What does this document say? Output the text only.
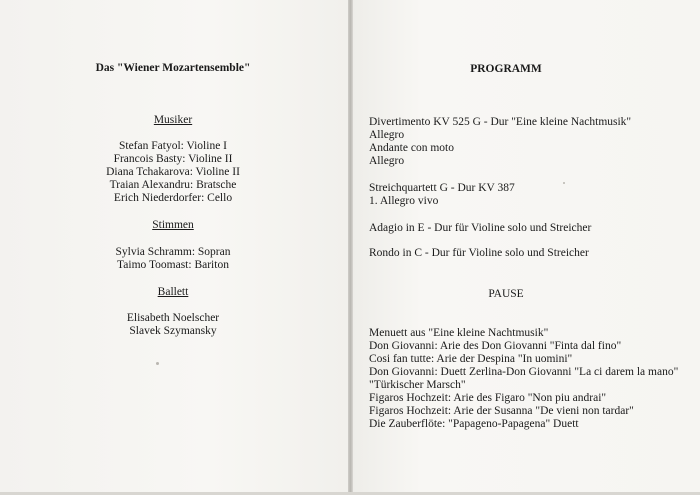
Das "Wiener Mozartensemble"
Musiker
Stefan Fatyol: Violine I
Francois Basty: Violine II
Diana Tchakarova: Violine II
Traian Alexandru: Bratsche
Erich Niederdorfer: Cello
Stimmen
Sylvia Schramm: Sopran
Taimo Toomast: Bariton
Ballett
Elisabeth Noelscher
Slavek Szymansky
PROGRAMM
Divertimento KV 525 G - Dur "Eine kleine Nachtmusik"
Allegro
Andante con moto
Allegro
Streichquartett G - Dur KV 387
1. Allegro vivo
Adagio in E - Dur für Violine solo und Streicher
Rondo in C - Dur für Violine solo und Streicher
PAUSE
Menuett aus "Eine kleine Nachtmusik"
Don Giovanni: Arie des Don Giovanni "Finta dal fino"
Cosi fan tutte: Arie der Despina "In uomini"
Don Giovanni: Duett Zerlina-Don Giovanni "La ci darem la mano"
"Türkischer Marsch"
Figaros Hochzeit: Arie des Figaro "Non piu andrai"
Figaros Hochzeit: Arie der Susanna "De vieni non tardar"
Die Zauberflöte: "Papageno-Papagena" Duett
